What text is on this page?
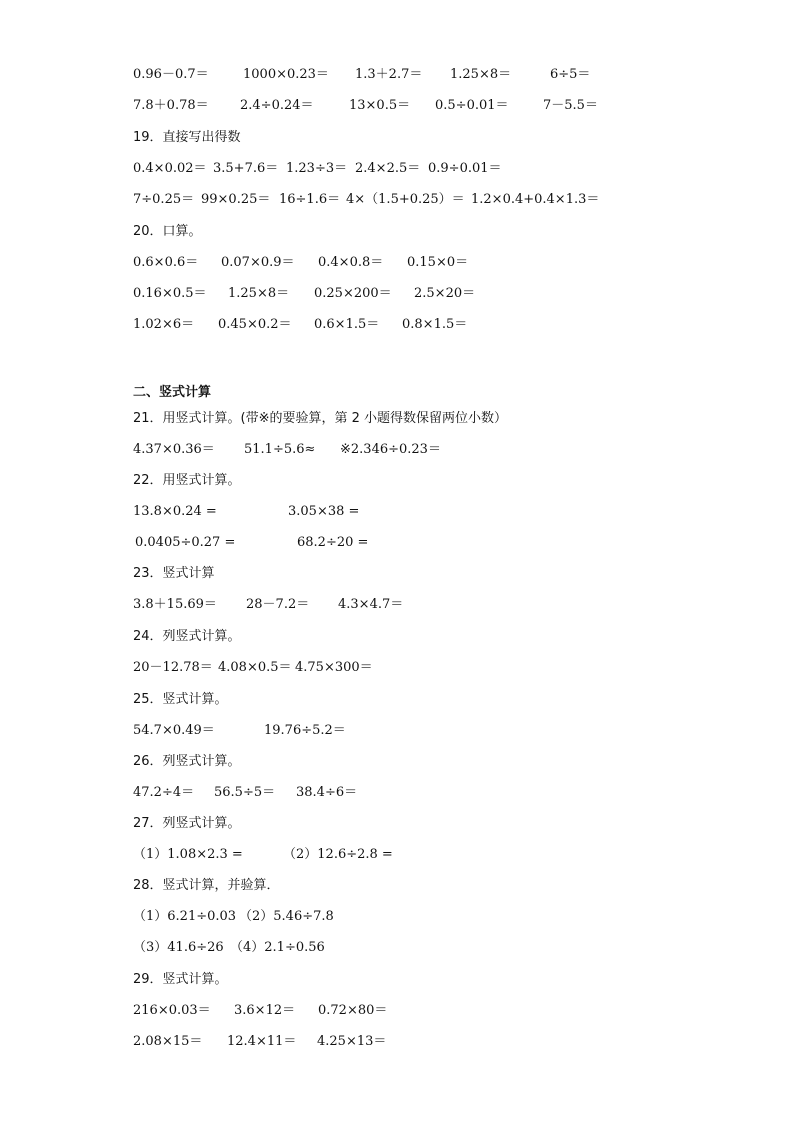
0.96－0.7＝	1000×0.23＝ 1.3＋2.7＝ 1.25×8＝	6÷5＝
7.8＋0.78＝ 2.4÷0.24＝	13×0.5＝ 0.5÷0.01＝	7－5.5＝
19．直接写出得数
0.4×0.02＝ 3.5+7.6＝ 1.23÷3＝ 2.4×2.5＝ 0.9÷0.01＝
7÷0.25＝ 99×0.25＝ 16÷1.6＝ 4×（1.5+0.25）＝ 1.2×0.4+0.4×1.3＝
20．口算。
0.6×0.6＝ 0.07×0.9＝ 0.4×0.8＝ 0.15×0＝
0.16×0.5＝ 1.25×8＝ 0.25×200＝ 2.5×20＝
1.02×6＝ 0.45×0.2＝ 0.6×1.5＝ 0.8×1.5＝
二、竖式计算
21．用竖式计算。(带※的要验算，第 2 小题得数保留两位小数）
4.37×0.36＝ 51.1÷5.6≈ ※2.346÷0.23＝
22．用竖式计算。
13.8×0.24 =	3.05×38 =
0.0405÷0.27 =	68.2÷20 =
23．竖式计算
3.8＋15.69＝ 28－7.2＝ 4.3×4.7＝
24．列竖式计算。
20－12.78＝ 4.08×0.5＝ 4.75×300＝
25．竖式计算。
54.7×0.49＝	19.76÷5.2＝
26．列竖式计算。
47.2÷4＝ 56.5÷5＝ 38.4÷6＝
27．列竖式计算。
（1）1.08×2.3 =	（2）12.6÷2.8 =
28．竖式计算，并验算．
（1）6.21÷0.03 （2）5.46÷7.8
（3）41.6÷26 （4）2.1÷0.56
29．竖式计算。
216×0.03＝ 3.6×12＝ 0.72×80＝
2.08×15＝ 12.4×11＝ 4.25×13＝
